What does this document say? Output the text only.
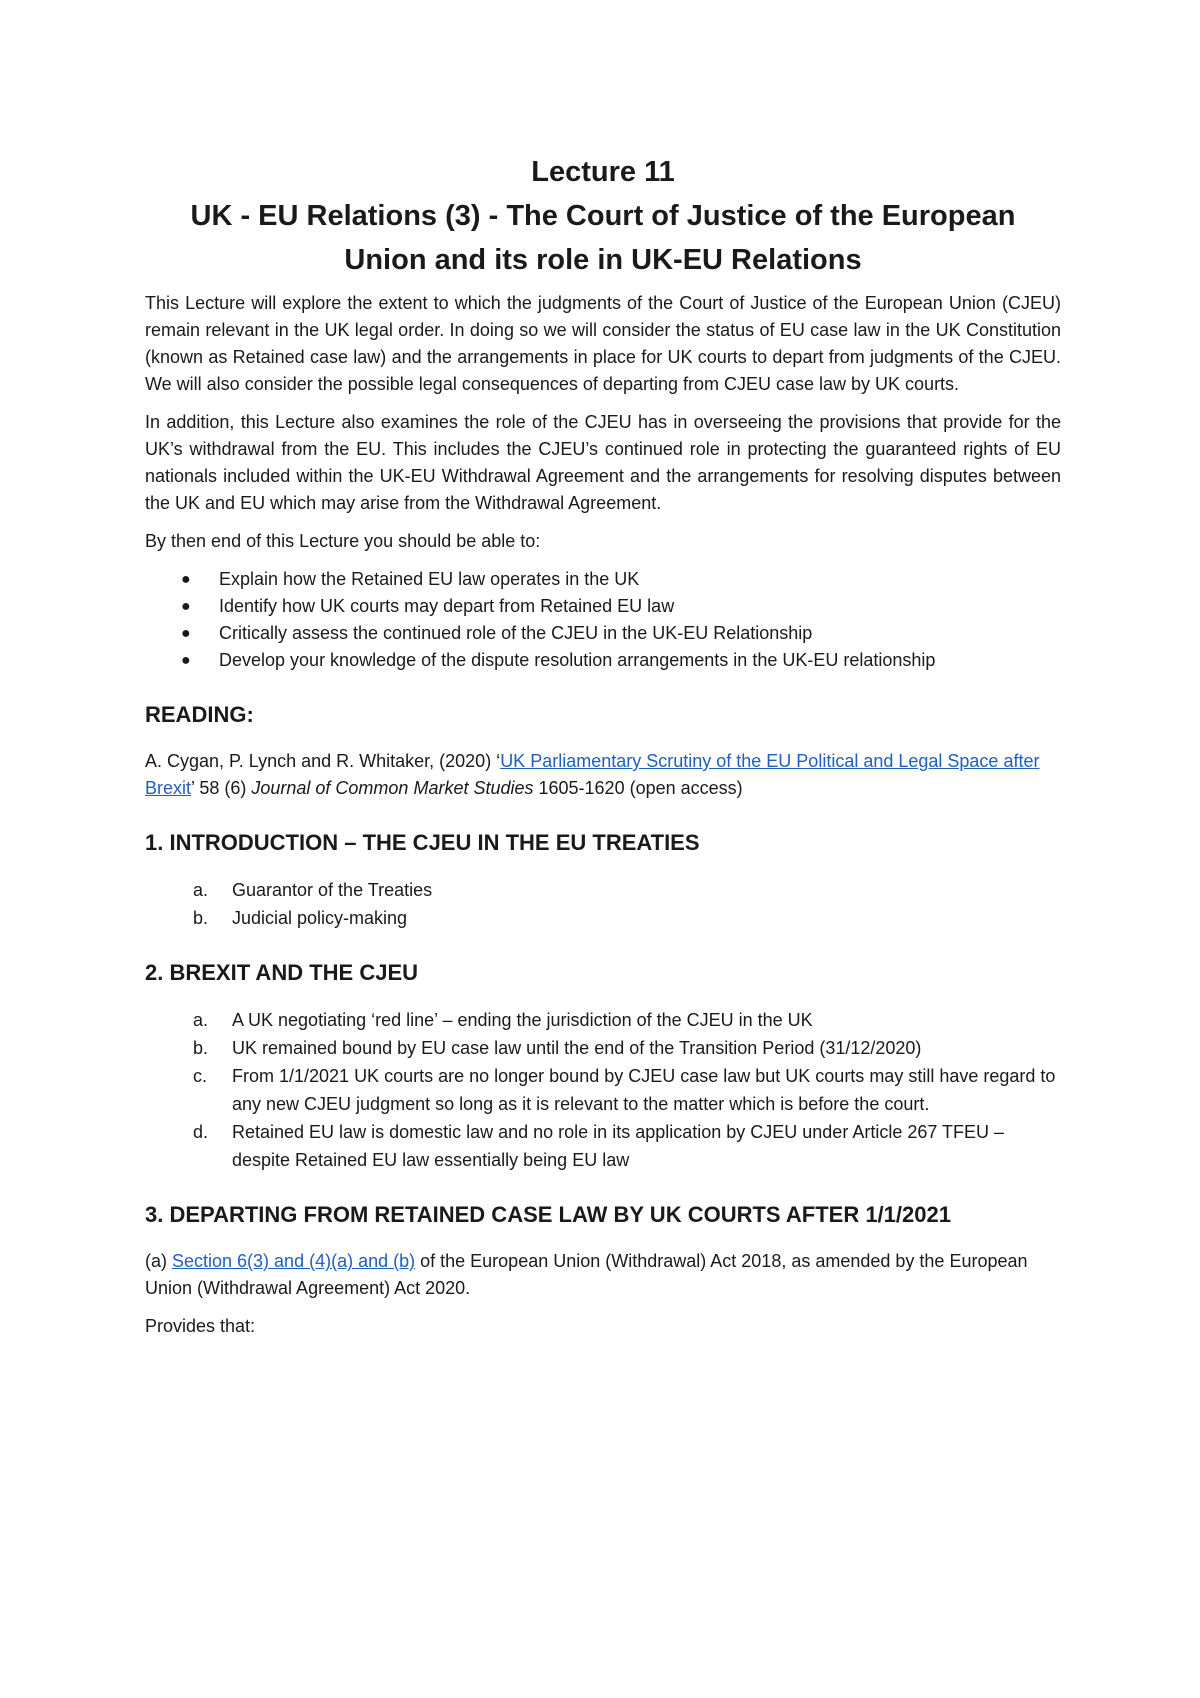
Lecture 11
UK - EU Relations (3) - The Court of Justice of the European
Union and its role in UK-EU Relations

This Lecture will explore the extent to which the judgments of the Court of Justice of the European Union (CJEU) remain relevant in the UK legal order. In doing so we will consider the status of EU case law in the UK Constitution (known as Retained case law) and the arrangements in place for UK courts to depart from judgments of the CJEU. We will also consider the possible legal consequences of departing from CJEU case law by UK courts.

In addition, this Lecture also examines the role of the CJEU has in overseeing the provisions that provide for the UK’s withdrawal from the EU. This includes the CJEU’s continued role in protecting the guaranteed rights of EU nationals included within the UK-EU Withdrawal Agreement and the arrangements for resolving disputes between the UK and EU which may arise from the Withdrawal Agreement.

By then end of this Lecture you should be able to:

● Explain how the Retained EU law operates in the UK
● Identify how UK courts may depart from Retained EU law
● Critically assess the continued role of the CJEU in the UK-EU Relationship
● Develop your knowledge of the dispute resolution arrangements in the UK-EU relationship
READING:

A. Cygan, P. Lynch and R. Whitaker, (2020) ‘UK Parliamentary Scrutiny of the EU Political and Legal Space after Brexit’ 58 (6) Journal of Common Market Studies 1605-1620 (open access)

1. INTRODUCTION – THE CJEU IN THE EU TREATIES
a. Guarantor of the Treaties
b. Judicial policy-making
2. BREXIT AND THE CJEU
a. A UK negotiating ‘red line’ – ending the jurisdiction of the CJEU in the UK
b. UK remained bound by EU case law until the end of the Transition Period (31/12/2020)
c. From 1/1/2021 UK courts are no longer bound by CJEU case law but UK courts may still have regard to any new CJEU judgment so long as it is relevant to the matter which is before the court.
d. Retained EU law is domestic law and no role in its application by CJEU under Article 267 TFEU – despite Retained EU law essentially being EU law
3. DEPARTING FROM RETAINED CASE LAW BY UK COURTS AFTER 1/1/2021

(a) Section 6(3) and (4)(a) and (b) of the European Union (Withdrawal) Act 2018, as amended by the European Union (Withdrawal Agreement) Act 2020.

Provides that:
